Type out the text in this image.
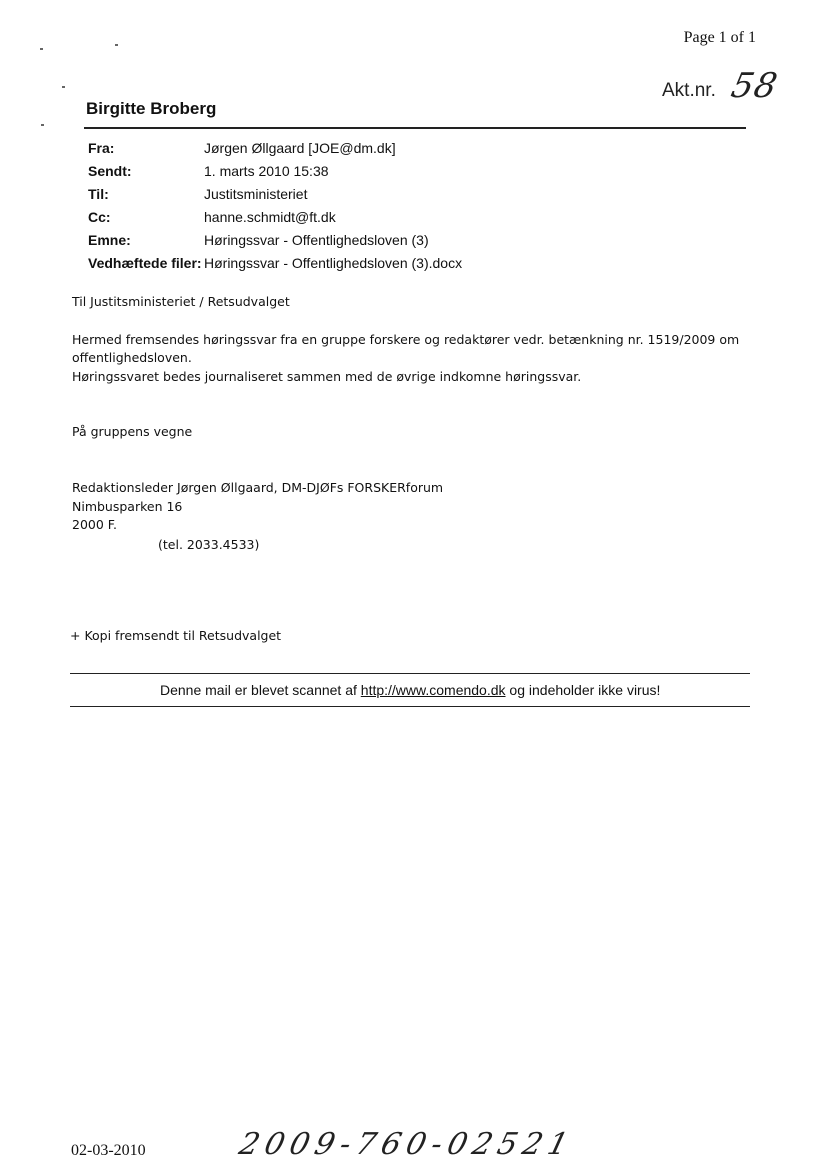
Page 1 of 1
Akt.nr. 58
Birgitte Broberg
Fra:	Jørgen Øllgaard [JOE@dm.dk]
Sendt:	1. marts 2010 15:38
Til:	Justitsministeriet
Cc:	hanne.schmidt@ft.dk
Emne:	Høringssvar - Offentlighedsloven (3)
Vedhæftede filer: Høringssvar - Offentlighedsloven (3).docx
Til Justitsministeriet / Retsudvalget
Hermed fremsendes høringssvar fra en gruppe forskere og redaktører vedr. betænkning nr. 1519/2009 om
offentlighedsloven.
Høringssvaret bedes journaliseret sammen med de øvrige indkomne høringssvar.
På gruppens vegne
Redaktionsleder Jørgen Øllgaard, DM-DJØFs FORSKERforum
Nimbusparken 16
2000 F.
(tel. 2033.4533)
+ Kopi fremsendt til Retsudvalget
Denne mail er blevet scannet af http://www.comendo.dk og indeholder ikke virus!
02-03-2010	2009-760-02521
